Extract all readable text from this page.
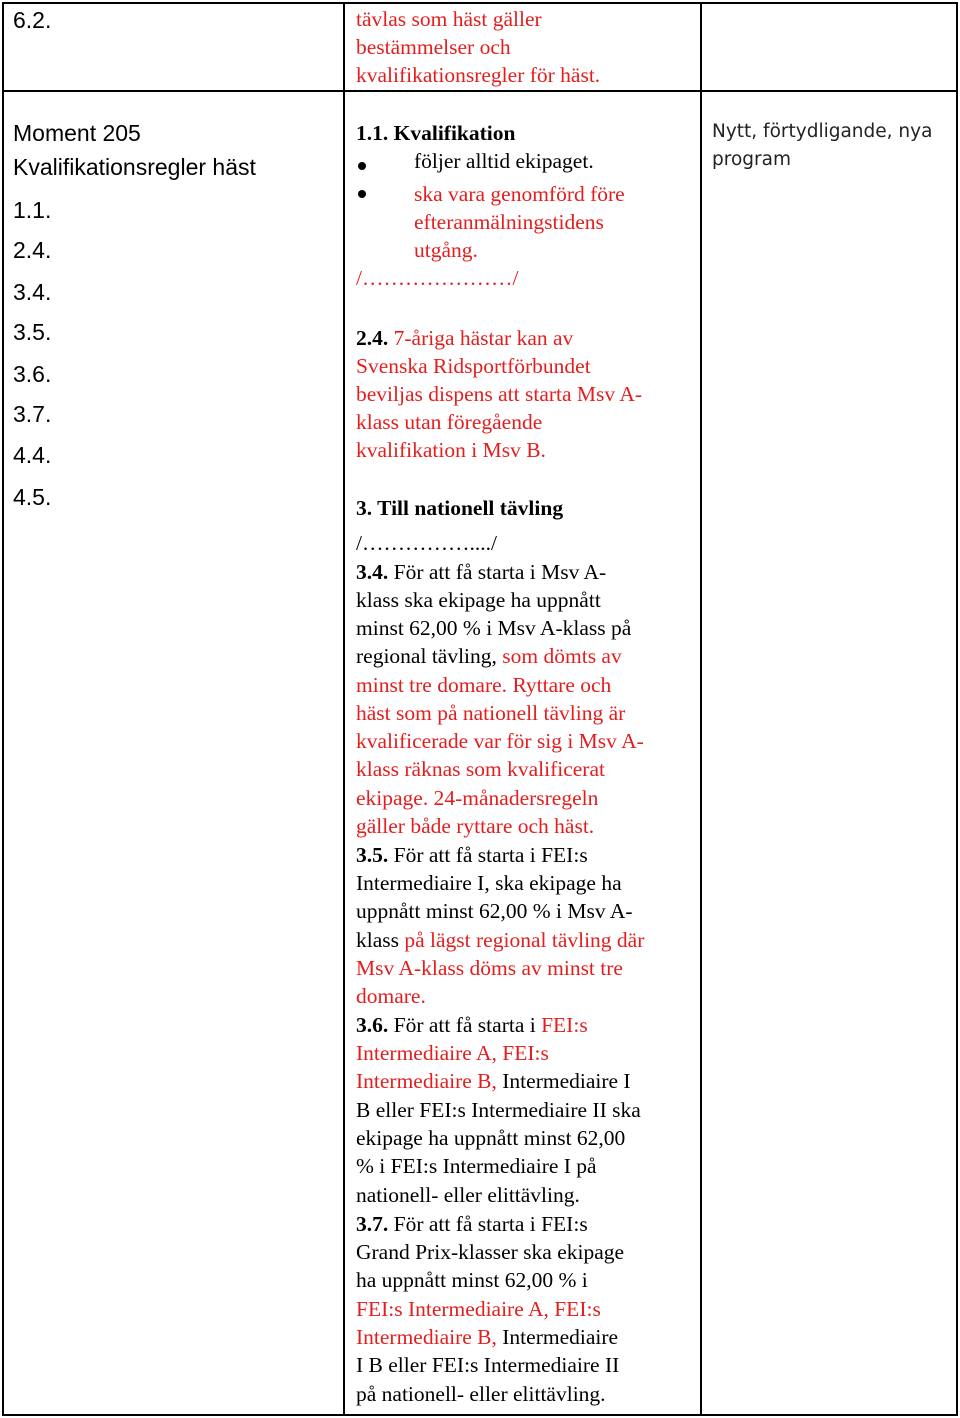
6.2.	tävlas som häst gäller
bestämmelser och
kvalifikationsregler för häst.
Moment 205
Kvalifikationsregler häst
1.1.
2.4.
3.4.
3.5.
3.6.
3.7.
4.4.
4.5.
Nytt, förtydligande, nya
program
1.1. Kvalifikation
följer alltid ekipaget.
ska vara genomförd före
efteranmälningstidens
utgång.
/…………………/
2.4. 7-åriga hästar kan av
Svenska Ridsportförbundet
beviljas dispens att starta Msv A-
klass utan föregående
kvalifikation i Msv B.
3. Till nationell tävling
/……………..../
3.4. För att få starta i Msv A-
klass ska ekipage ha uppnått
minst 62,00 % i Msv A-klass på
regional tävling, som dömts av
minst tre domare. Ryttare och
häst som på nationell tävling är
kvalificerade var för sig i Msv A-
klass räknas som kvalificerat
ekipage. 24-månadersregeln
gäller både ryttare och häst.
3.5. För att få starta i FEI:s
Intermediaire I, ska ekipage ha
uppnått minst 62,00 % i Msv A-
klass på lägst regional tävling där
Msv A-klass döms av minst tre
domare.
3.6. För att få starta i FEI:s
Intermediaire A, FEI:s
Intermediaire B, Intermediaire I
B eller FEI:s Intermediaire II ska
ekipage ha uppnått minst 62,00
% i FEI:s Intermediaire I på
nationell- eller elittävling.
3.7. För att få starta i FEI:s
Grand Prix-klasser ska ekipage
ha uppnått minst 62,00 % i
FEI:s Intermediaire A, FEI:s
Intermediaire B, Intermediaire
I B eller FEI:s Intermediaire II
på nationell- eller elittävling.
